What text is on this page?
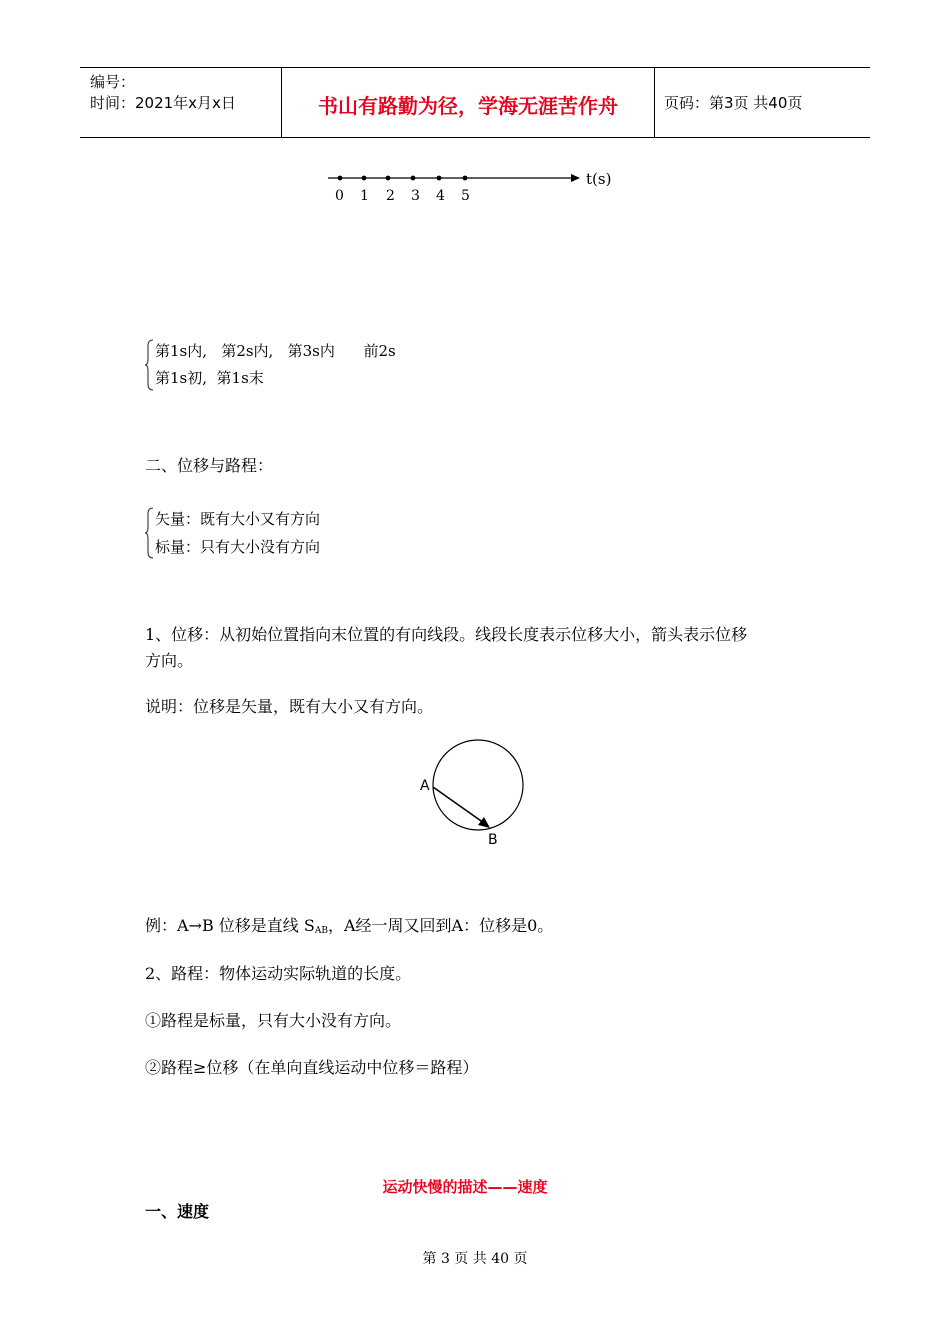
编号：
时间：2021年x月x日	书山有路勤为径，学海无涯苦作舟	页码：第3页 共40页
t(s)
0 1 2 3 4 5
第1s内,   第2s内,   第3s内      前2s
第1s初,  第1s末
二、位移与路程：
矢量：既有大小又有方向
标量：只有大小没有方向
1、位移：从初始位置指向末位置的有向线段。线段长度表示位移大小，箭头表示位移
方向。
说明：位移是矢量，既有大小又有方向。
A
B
例：A→B 位移是直线 $S_{AB}$，A经一周又回到A：位移是0。
2、路程：物体运动实际轨道的长度。
①路程是标量，只有大小没有方向。
②路程≥位移（在单向直线运动中位移＝路程）
运动快慢的描述——速度
一、速度
第 3 页 共 40 页
